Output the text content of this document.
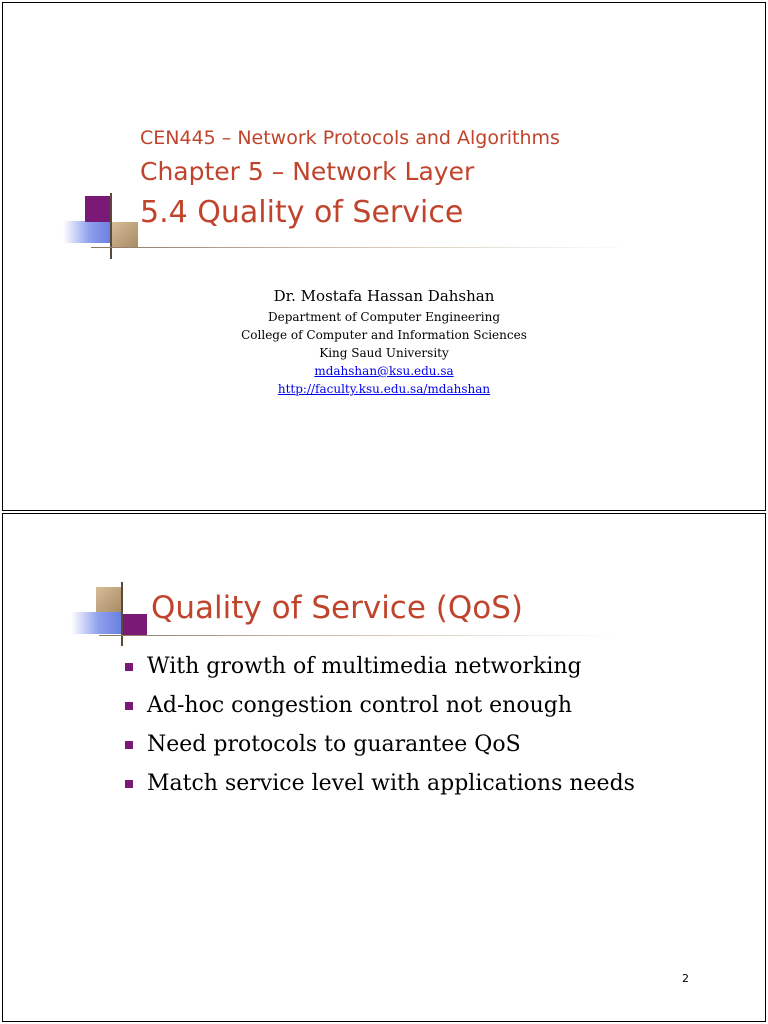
CEN445 – Network Protocols and Algorithms
Chapter 5 – Network Layer
5.4 Quality of Service

Dr. Mostafa Hassan Dahshan

Department of Computer Engineering

College of Computer and Information Sciences

King Saud University

mdahshan@ksu.edu.sa
http://faculty.ksu.edu.sa/mdahshan
Quality of Service (QoS)
With growth of multimedia networking
Ad-hoc congestion control not enough
Need protocols to guarantee QoS
Match service level with applications needs
2
